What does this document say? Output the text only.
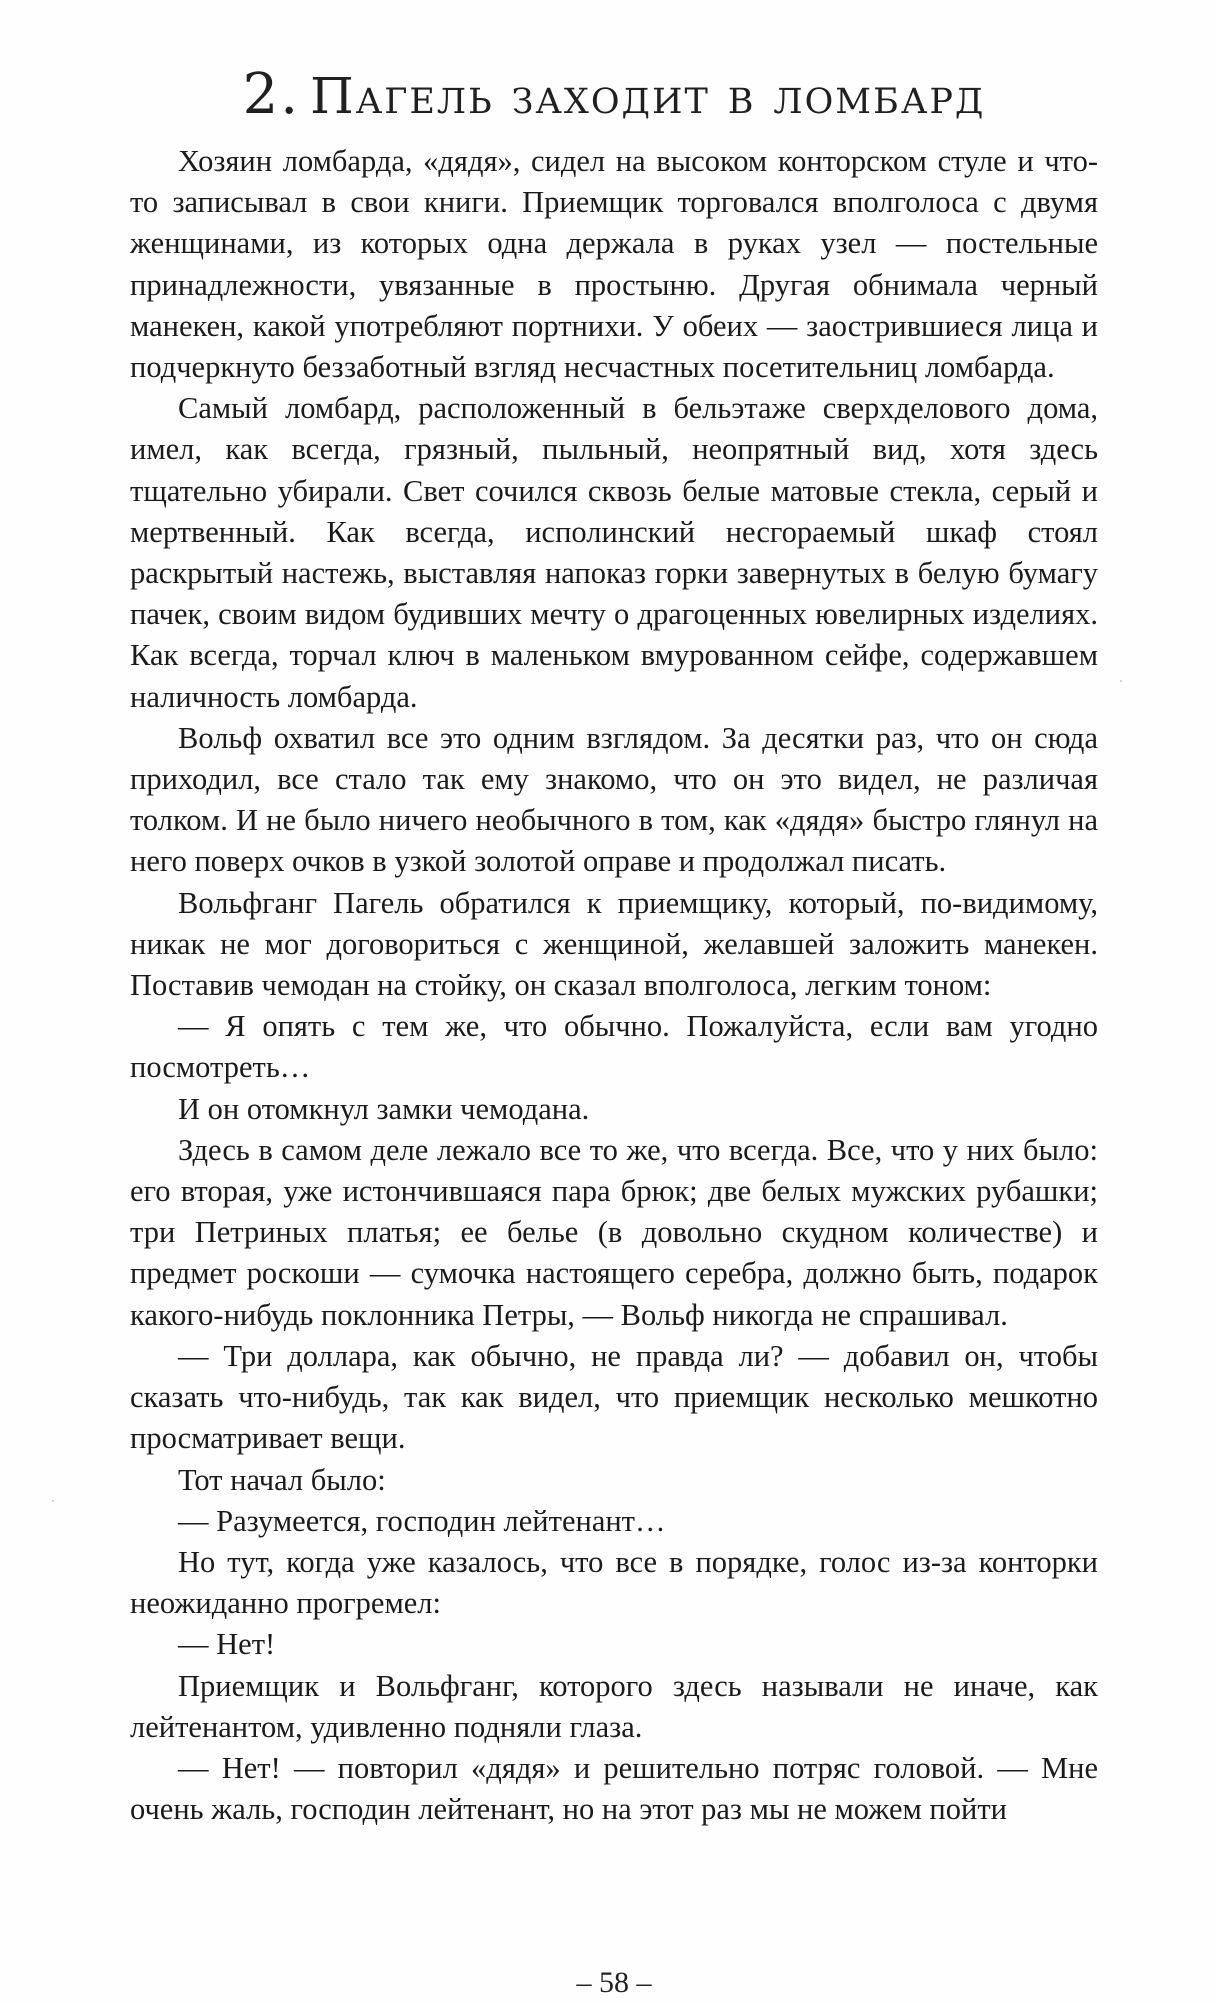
2. Пагель заходит в ломбард

Хозяин ломбарда, «дядя», сидел на высоком конторском стуле и что-то записывал в свои книги. Приемщик торговался вполголоса с двумя женщинами, из которых одна держала в руках узел — постельные принадлежности, увязанные в простыню. Другая обнимала черный манекен, какой употребляют портнихи. У обеих — заострившиеся лица и подчеркнуто беззаботный взгляд несчастных посетительниц ломбарда.

Самый ломбард, расположенный в бельэтаже сверхделового дома, имел, как всегда, грязный, пыльный, неопрятный вид, хотя здесь тщательно убирали. Свет сочился сквозь белые матовые стекла, серый и мертвенный. Как всегда, исполинский несгораемый шкаф стоял раскрытый настежь, выставляя напоказ горки завернутых в белую бумагу пачек, своим видом будивших мечту о драгоценных ювелирных изделиях. Как всегда, торчал ключ в маленьком вмурованном сейфе, содержавшем наличность ломбарда.

Вольф охватил все это одним взглядом. За десятки раз, что он сюда приходил, все стало так ему знакомо, что он это видел, не различая толком. И не было ничего необычного в том, как «дядя» быстро глянул на него поверх очков в узкой золотой оправе и продолжал писать.

Вольфганг Пагель обратился к приемщику, который, по-видимому, никак не мог договориться с женщиной, желавшей заложить манекен. Поставив чемодан на стойку, он сказал вполголоса, легким тоном:

— Я опять с тем же, что обычно. Пожалуйста, если вам угодно посмотреть…

И он отомкнул замки чемодана.

Здесь в самом деле лежало все то же, что всегда. Все, что у них было: его вторая, уже истончившаяся пара брюк; две белых мужских рубашки; три Петриных платья; ее белье (в довольно скудном количестве) и предмет роскоши — сумочка настоящего серебра, должно быть, подарок какого-нибудь поклонника Петры, — Вольф никогда не спрашивал.

— Три доллара, как обычно, не правда ли? — добавил он, чтобы сказать что-нибудь, так как видел, что приемщик несколько мешкотно просматривает вещи.

Тот начал было:

— Разумеется, господин лейтенант…

Но тут, когда уже казалось, что все в порядке, голос из-за конторки неожиданно прогремел:

— Нет!

Приемщик и Вольфганг, которого здесь называли не иначе, как лейтенантом, удивленно подняли глаза.

— Нет! — повторил «дядя» и решительно потряс головой. — Мне очень жаль, господин лейтенант, но на этот раз мы не можем пойти

– 58 –
